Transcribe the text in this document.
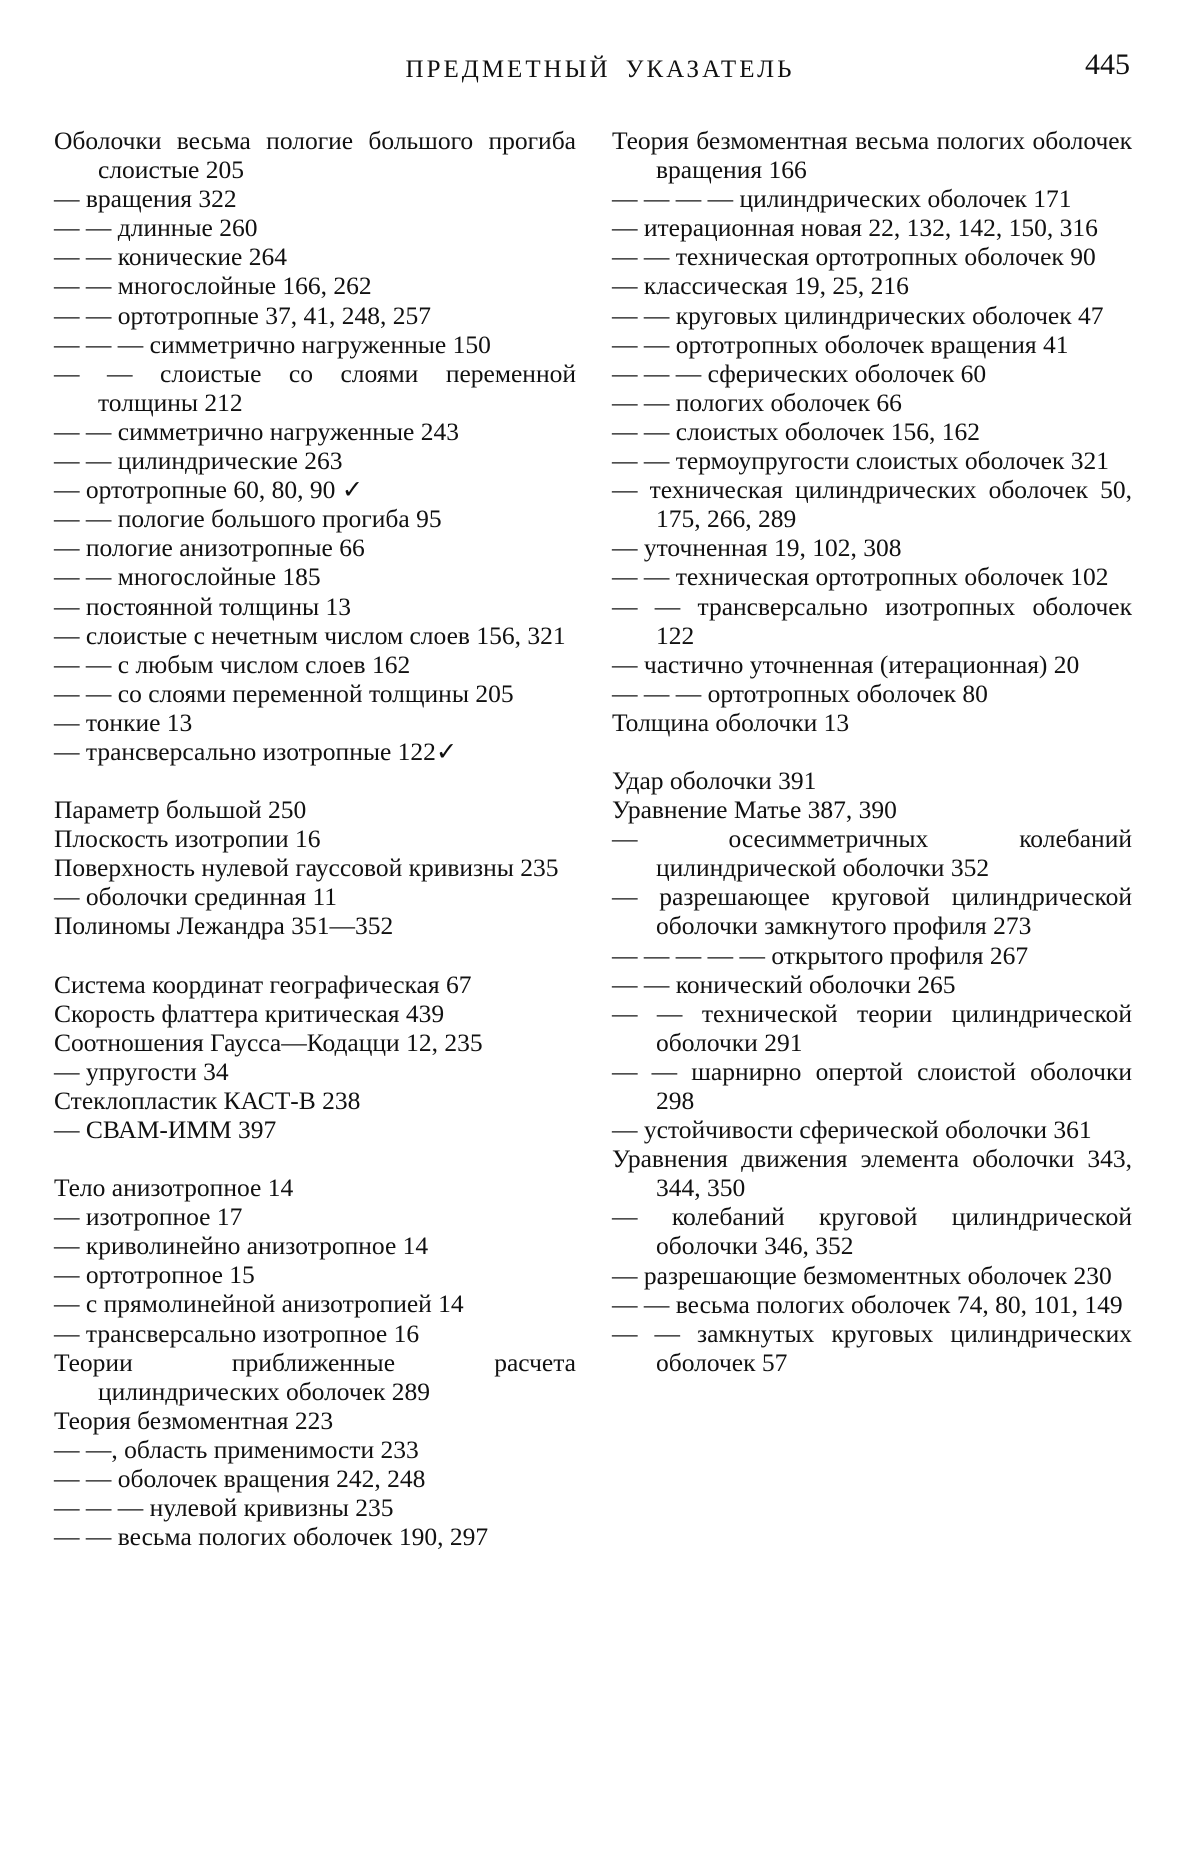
ПРЕДМЕТНЫЙ УКАЗАТЕЛЬ	445

Оболочки весьма пологие большого прогиба слоистые 205

— вращения 322

— — длинные 260

— — конические 264

— — многослойные 166, 262

— — ортотропные 37, 41, 248, 257

— — — симметрично нагруженные 150

— — слоистые со слоями переменной толщины 212

— — симметрично нагруженные 243

— — цилиндрические 263

— ортотропные 60, 80, 90 ✓

— — пологие большого прогиба 95

— пологие анизотропные 66

— — многослойные 185

— постоянной толщины 13

— слоистые с нечетным числом слоев 156, 321

— — с любым числом слоев 162

— — со слоями переменной толщины 205

— тонкие 13

— трансверсально изотропные 122✓

Параметр большой 250

Плоскость изотропии 16

Поверхность нулевой гауссовой кривизны 235

— оболочки срединная 11

Полиномы Лежандра 351—352

Система координат географическая 67

Скорость флаттера критическая 439

Соотношения Гаусса—Кодацци 12, 235

— упругости 34

Стеклопластик КАСТ-В 238

— СВАМ-ИММ 397

Тело анизотропное 14

— изотропное 17

— криволинейно анизотропное 14

— ортотропное 15

— с прямолинейной анизотропией 14

— трансверсально изотропное 16

Теории приближенные расчета цилиндрических оболочек 289

Теория безмоментная 223

— —, область применимости 233

— — оболочек вращения 242, 248

— — — нулевой кривизны 235

— — весьма пологих оболочек 190, 297

Теория безмоментная весьма пологих оболочек вращения 166

— — — — цилиндрических оболочек 171

— итерационная новая 22, 132, 142, 150, 316

— — техническая ортотропных оболочек 90

— классическая 19, 25, 216

— — круговых цилиндрических оболочек 47

— — ортотропных оболочек вращения 41

— — — сферических оболочек 60

— — пологих оболочек 66

— — слоистых оболочек 156, 162

— — термоупругости слоистых оболочек 321

— техническая цилиндрических оболочек 50, 175, 266, 289

— уточненная 19, 102, 308

— — техническая ортотропных оболочек 102

— — трансверсально изотропных оболочек 122

— частично уточненная (итерационная) 20

— — — ортотропных оболочек 80

Толщина оболочки 13

Удар оболочки 391

Уравнение Матье 387, 390

— осесимметричных колебаний цилиндрической оболочки 352

— разрешающее круговой цилиндрической оболочки замкнутого профиля 273

— — — — — открытого профиля 267

— — конический оболочки 265

— — технической теории цилиндрической оболочки 291

— — шарнирно опертой слоистой оболочки 298

— устойчивости сферической оболочки 361

Уравнения движения элемента оболочки 343, 344, 350

— колебаний круговой цилиндрической оболочки 346, 352

— разрешающие безмоментных оболочек 230

— — весьма пологих оболочек 74, 80, 101, 149

— — замкнутых круговых цилиндрических оболочек 57
